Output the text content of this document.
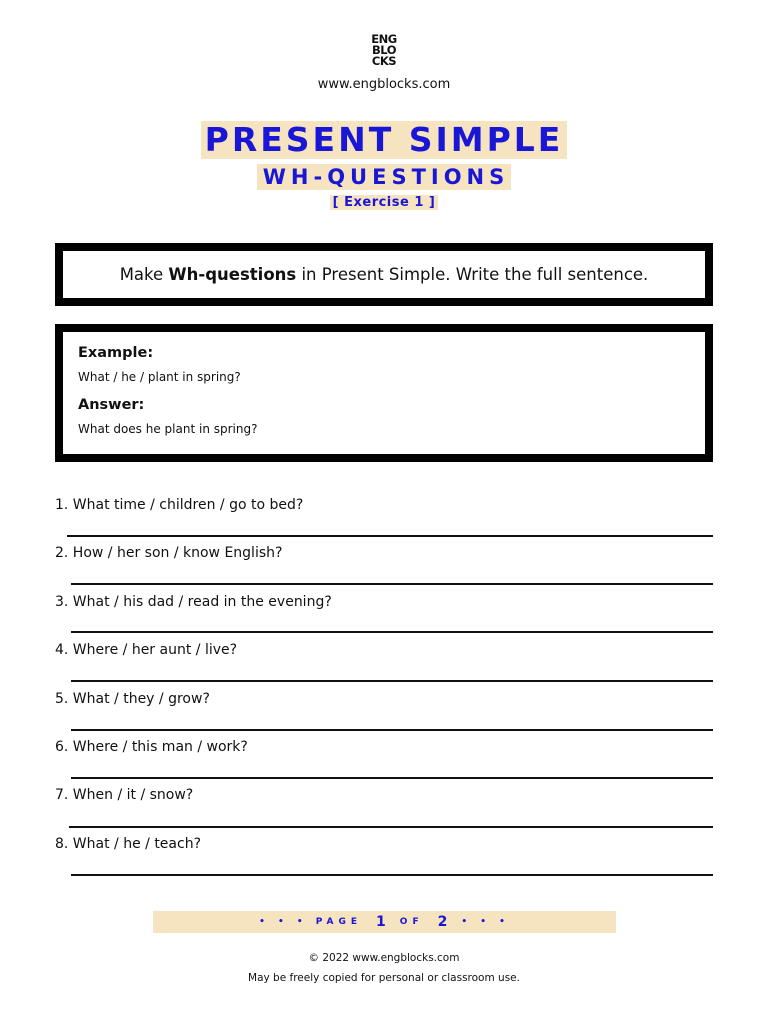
ENG
BLO
CKS
www.engblocks.com
PRESENT SIMPLE
WH-QUESTIONS
[ Exercise 1 ]
Make Wh-questions in Present Simple. Write the full sentence.

Example:

What / he / plant in spring?

Answer:

What does he plant in spring?

1. What time / children / go to bed?
2. How / her son / know English?
3. What / his dad / read in the evening?
4. Where / her aunt / live?
5. What / they / grow?
6. Where / this man / work?
7. When / it / snow?
8. What / he / teach?
• • • PAGE 1 OF 2 • • •
© 2022 www.engblocks.com
May be freely copied for personal or classroom use.
